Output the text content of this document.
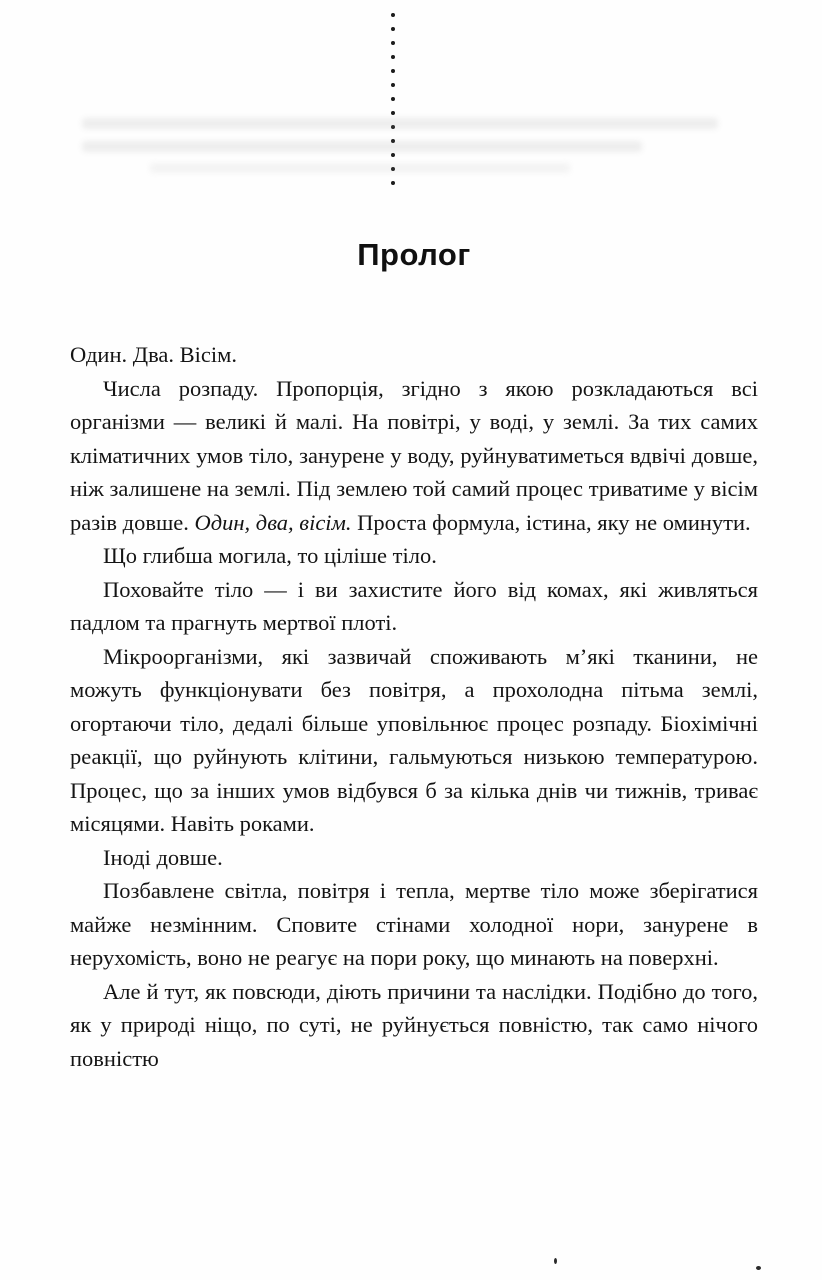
Пролог

Один. Два. Вісім.

Числа розпаду. Пропорція, згідно з якою розкладаються всі організми — великі й малі. На повітрі, у воді, у землі. За тих самих кліматичних умов тіло, занурене у воду, руйнуватиметься вдвічі довше, ніж залишене на землі. Під землею той самий процес триватиме у вісім разів довше. Один, два, вісім. Проста формула, істина, яку не оминути.

Що глибша могила, то ціліше тіло.

Поховайте тіло — і ви захистите його від комах, які живляться падлом та прагнуть мертвої плоті.

Мікроорганізми, які зазвичай споживають м’які тканини, не можуть функціонувати без повітря, а прохолодна пітьма землі, огортаючи тіло, дедалі більше уповільнює процес розпаду. Біохімічні реакції, що руйнують клітини, гальмуються низькою температурою. Процес, що за інших умов відбувся б за кілька днів чи тижнів, триває місяцями. Навіть роками.

Іноді довше.

Позбавлене світла, повітря і тепла, мертве тіло може зберігатися майже незмінним. Сповите стінами холодної нори, занурене в нерухомість, воно не реагує на пори року, що минають на поверхні.

Але й тут, як повсюди, діють причини та наслідки. Подібно до того, як у природі ніщо, по суті, не руйнується повністю, так само нічого повністю
